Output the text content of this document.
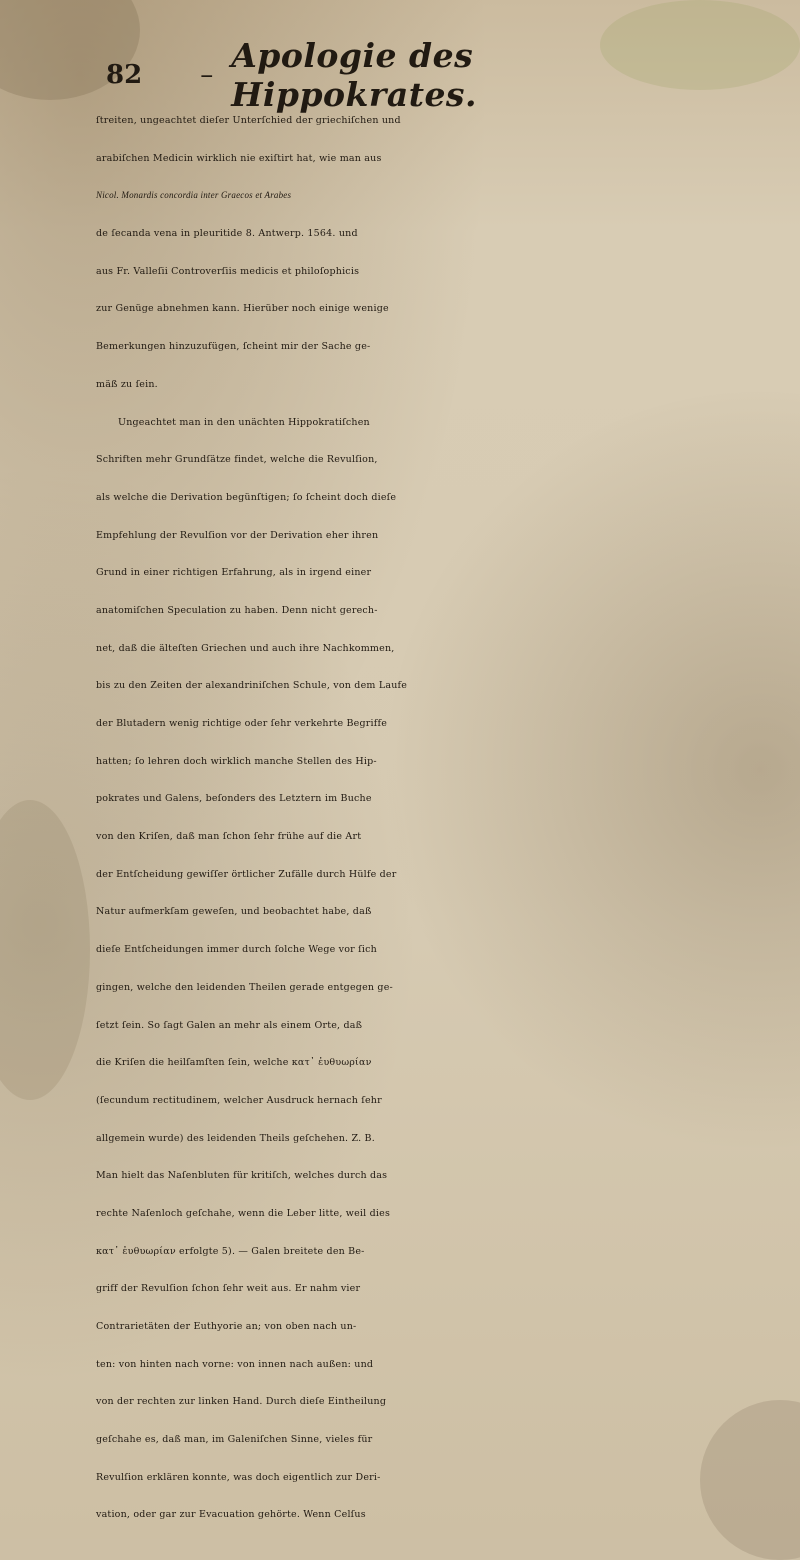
82 – Apologie des Hippokrates.
ſtreiten, ungeachtet dieſer Unterſchied der griechiſchen und
arabiſchen Medicin wirklich nie exiſtirt hat, wie man aus
Nicol. Monardis concordia inter Graecos et Arabes
de ſecanda vena in pleuritide 8. Antwerp. 1564. und
aus Fr. Valleſii Controverſiis medicis et philoſophicis
zur Genüge abnehmen kann. Hierüber noch einige wenige
Bemerkungen hinzuzufügen, ſcheint mir der Sache ge-
mäß zu ſein.
Ungeachtet man in den unächten Hippokratiſchen
Schriften mehr Grundſätze findet, welche die Revulſion,
als welche die Derivation begünſtigen; ſo ſcheint doch dieſe
Empfehlung der Revulſion vor der Derivation eher ihren
Grund in einer richtigen Erfahrung, als in irgend einer
anatomiſchen Speculation zu haben. Denn nicht gerech-
net, daß die älteſten Griechen und auch ihre Nachkommen,
bis zu den Zeiten der alexandriniſchen Schule, von dem Laufe
der Blutadern wenig richtige oder ſehr verkehrte Begriffe
hatten; ſo lehren doch wirklich manche Stellen des Hip-
pokrates und Galens, beſonders des Letztern im Buche
von den Kriſen, daß man ſchon ſehr frühe auf die Art
der Entſcheidung gewiſſer örtlicher Zufälle durch Hülfe der
Natur aufmerkſam geweſen, und beobachtet habe, daß
dieſe Entſcheidungen immer durch ſolche Wege vor ſich
gingen, welche den leidenden Theilen gerade entgegen ge-
ſetzt ſein. So ſagt Galen an mehr als einem Orte, daß
die Kriſen die heilſamſten ſein, welche κατ᾽ ἐυθυωρίαν
(ſecundum rectitudinem, welcher Ausdruck hernach ſehr
allgemein wurde) des leidenden Theils geſchehen. Z. B.
Man hielt das Naſenbluten für kritiſch, welches durch das
rechte Naſenloch geſchahe, wenn die Leber litte, weil dies
κατ᾽ ἐυθυωρίαν erfolgte 5). — Galen breitete den Be-
griff der Revulſion ſchon ſehr weit aus. Er nahm vier
Contrarietäten der Euthyorie an; von oben nach un-
ten: von hinten nach vorne: von innen nach außen: und
von der rechten zur linken Hand. Durch dieſe Eintheilung
geſchahe es, daß man, im Galeniſchen Sinne, vieles für
Revulſion erklären konnte, was doch eigentlich zur Deri-
vation, oder gar zur Evacuation gehörte. Wenn Celſus
